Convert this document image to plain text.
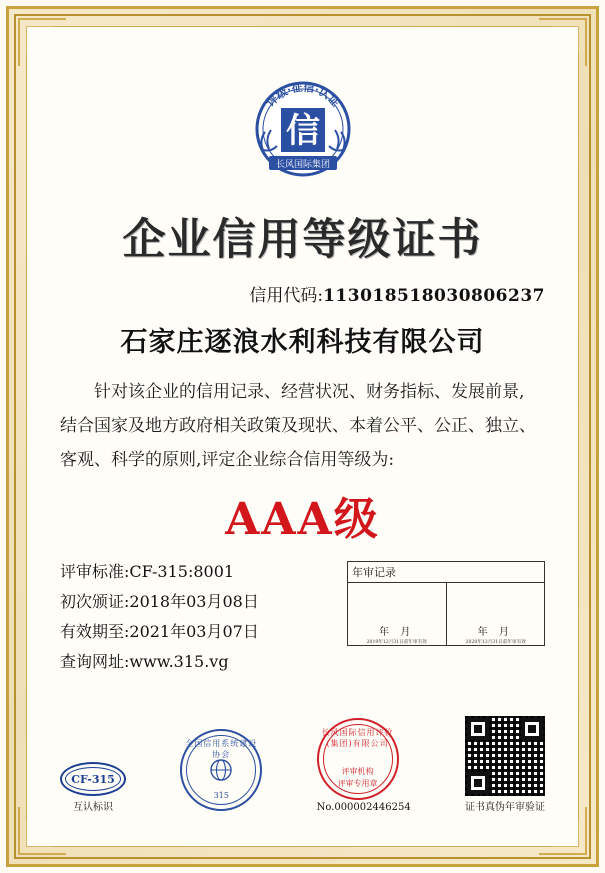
评级·征信·认证
信
长风国际集团
企业信用等级证书
信用代码:113018518030806237
石家庄逐浪水利科技有限公司
针对该企业的信用记录、经营状况、财务指标、发展前景,
结合国家及地方政府相关政策及现状、本着公平、公正、独立、
客观、科学的原则,评定企业综合信用等级为:
AAA级
评审标准:CF-315:8001
初次颁证:2018年03月08日
有效期至:2021年03月07日
查询网址:www.315.vg
年审记录
年 月
2019年12月31日前年审有效
年 月
2020年12月31日前年审有效
CF-315
互认标识
全国信用系统建设协会
315
长风国际信用评价(集团)有限公司
评审机构
评审专用章
No.000002446254	证书真伪年审验证
